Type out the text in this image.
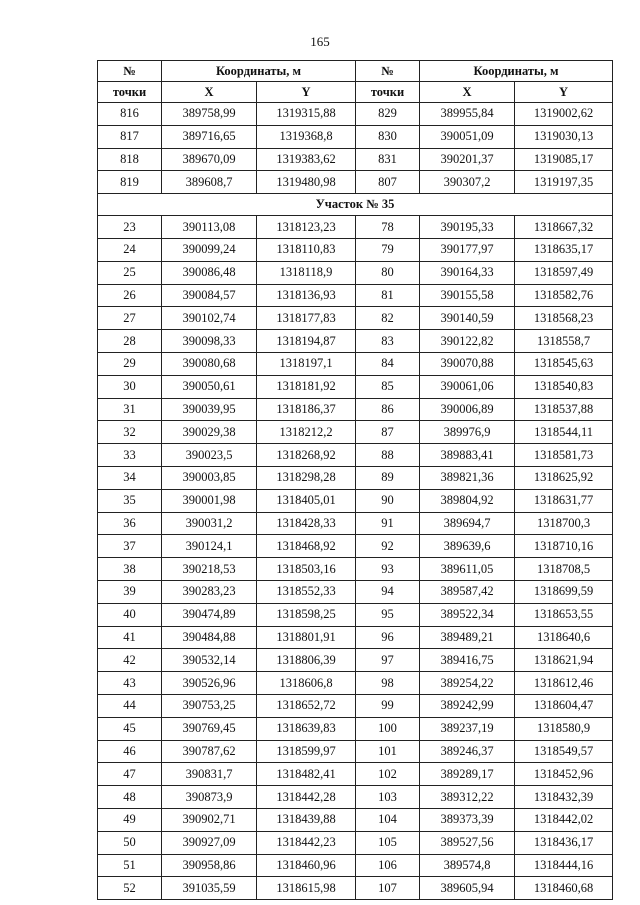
165
№	Координаты, м		№	Координаты, м	
точки	X	Y	точки	X	Y
816	389758,99	1319315,88	829	389955,84	1319002,62
817	389716,65	1319368,8	830	390051,09	1319030,13
818	389670,09	1319383,62	831	390201,37	1319085,17
819	389608,7	1319480,98	807	390307,2	1319197,35
Участок № 35					
23	390113,08	1318123,23	78	390195,33	1318667,32
24	390099,24	1318110,83	79	390177,97	1318635,17
25	390086,48	1318118,9	80	390164,33	1318597,49
26	390084,57	1318136,93	81	390155,58	1318582,76
27	390102,74	1318177,83	82	390140,59	1318568,23
28	390098,33	1318194,87	83	390122,82	1318558,7
29	390080,68	1318197,1	84	390070,88	1318545,63
30	390050,61	1318181,92	85	390061,06	1318540,83
31	390039,95	1318186,37	86	390006,89	1318537,88
32	390029,38	1318212,2	87	389976,9	1318544,11
33	390023,5	1318268,92	88	389883,41	1318581,73
34	390003,85	1318298,28	89	389821,36	1318625,92
35	390001,98	1318405,01	90	389804,92	1318631,77
36	390031,2	1318428,33	91	389694,7	1318700,3
37	390124,1	1318468,92	92	389639,6	1318710,16
38	390218,53	1318503,16	93	389611,05	1318708,5
39	390283,23	1318552,33	94	389587,42	1318699,59
40	390474,89	1318598,25	95	389522,34	1318653,55
41	390484,88	1318801,91	96	389489,21	1318640,6
42	390532,14	1318806,39	97	389416,75	1318621,94
43	390526,96	1318606,8	98	389254,22	1318612,46
44	390753,25	1318652,72	99	389242,99	1318604,47
45	390769,45	1318639,83	100	389237,19	1318580,9
46	390787,62	1318599,97	101	389246,37	1318549,57
47	390831,7	1318482,41	102	389289,17	1318452,96
48	390873,9	1318442,28	103	389312,22	1318432,39
49	390902,71	1318439,88	104	389373,39	1318442,02
50	390927,09	1318442,23	105	389527,56	1318436,17
51	390958,86	1318460,96	106	389574,8	1318444,16
52	391035,59	1318615,98	107	389605,94	1318460,68
